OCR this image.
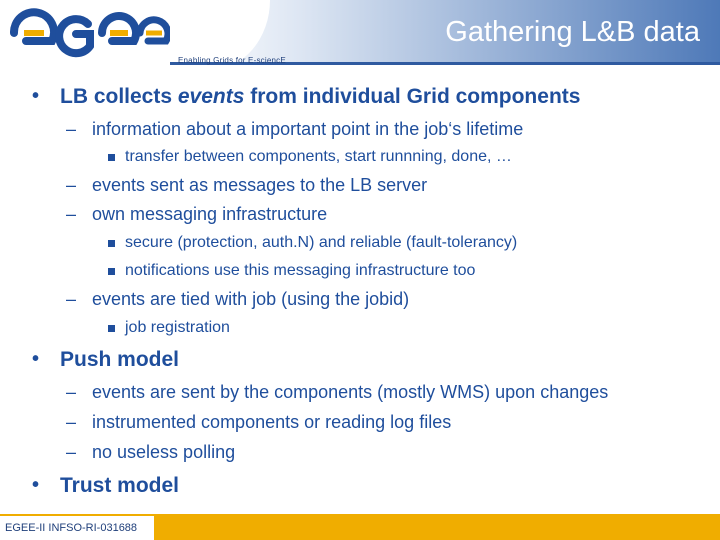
Enabling Grids for E-sciencE
Gathering L&B data
• LB collects events from individual Grid components
– information about a important point in the job‘s lifetime
transfer between components, start runnning, done, …
– events sent as messages to the LB server
– own messaging infrastructure
secure (protection, auth.N) and reliable (fault-tolerancy)
notifications use this messaging infrastructure too
– events are tied with job (using the jobid)
job registration
• Push model
– events are sent by the components (mostly WMS) upon changes
– instrumented components or reading log files
– no useless polling
• Trust model
EGEE-II INFSO-RI-031688
